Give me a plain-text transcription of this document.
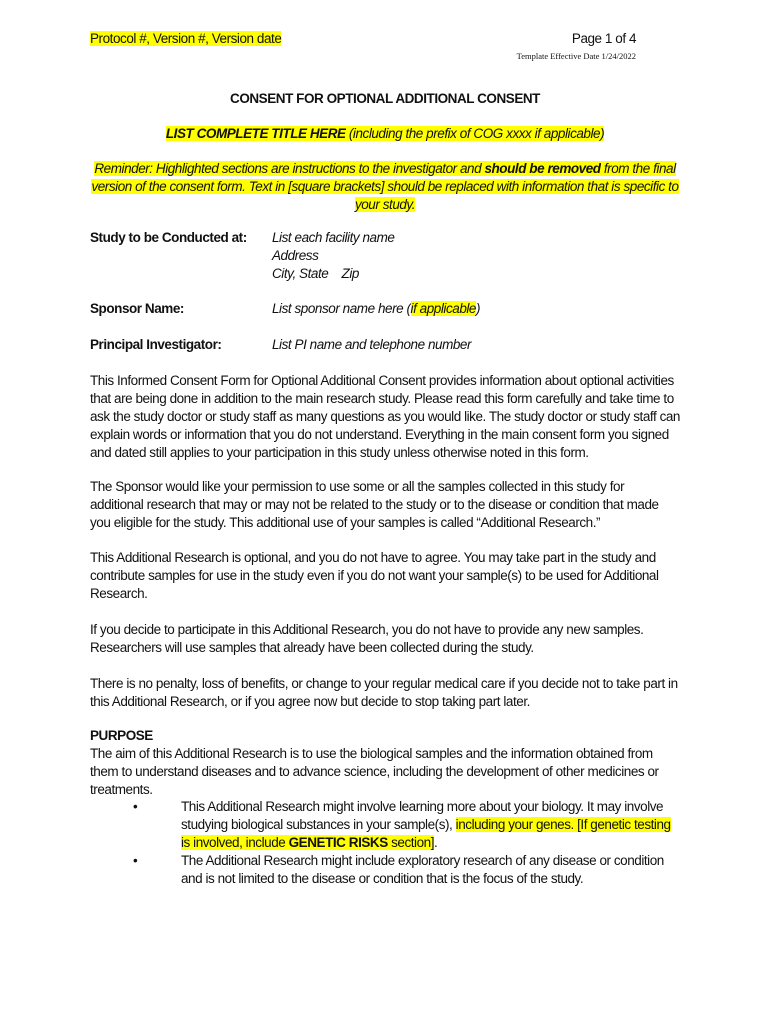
Protocol #, Version #, Version date	Page 1 of 4
Template Effective Date 1/24/2022
CONSENT FOR OPTIONAL ADDITIONAL CONSENT
LIST COMPLETE TITLE HERE (including the prefix of COG xxxx if applicable)
Reminder: Highlighted sections are instructions to the investigator and should be removed from the final version of the consent form. Text in [square brackets] should be replaced with information that is specific to your study.
Study to be Conducted at:	List each facility name
Address
City, State    Zip
Sponsor Name:	List sponsor name here (if applicable)
Principal Investigator:	List PI name and telephone number
This Informed Consent Form for Optional Additional Consent provides information about optional activities that are being done in addition to the main research study. Please read this form carefully and take time to ask the study doctor or study staff as many questions as you would like. The study doctor or study staff can explain words or information that you do not understand. Everything in the main consent form you signed and dated still applies to your participation in this study unless otherwise noted in this form.
The Sponsor would like your permission to use some or all the samples collected in this study for additional research that may or may not be related to the study or to the disease or condition that made you eligible for the study. This additional use of your samples is called “Additional Research.”
This Additional Research is optional, and you do not have to agree. You may take part in the study and contribute samples for use in the study even if you do not want your sample(s) to be used for Additional Research.
If you decide to participate in this Additional Research, you do not have to provide any new samples. Researchers will use samples that already have been collected during the study.
There is no penalty, loss of benefits, or change to your regular medical care if you decide not to take part in this Additional Research, or if you agree now but decide to stop taking part later.
PURPOSE
The aim of this Additional Research is to use the biological samples and the information obtained from them to understand diseases and to advance science, including the development of other medicines or treatments.
•	This Additional Research might involve learning more about your biology. It may involve studying biological substances in your sample(s), including your genes. [If genetic testing is involved, include GENETIC RISKS section].
•	The Additional Research might include exploratory research of any disease or condition and is not limited to the disease or condition that is the focus of the study.
